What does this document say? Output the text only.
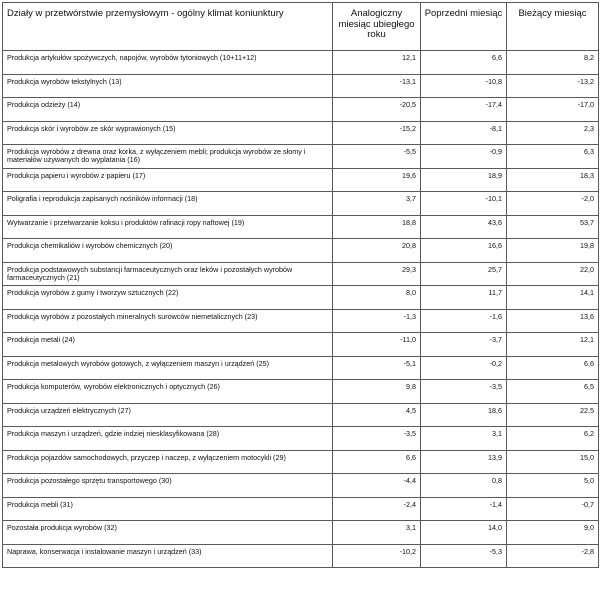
Działy w przetwórstwie przemysłowym - ogólny klimat koniunktury	Analogiczny miesiąc ubiegłego roku	Poprzedni miesiąc	Bieżący miesiąc
Produkcja artykułów spożywczych, napojów, wyrobów tytoniowych (10+11+12)	12,1	6,6	8,2
Produkcja wyrobów tekstylnych (13)	-13,1	-10,8	-13,2
Produkcja odzieży (14)	-20,5	-17,4	-17,0
Produkcja skór i wyrobów ze skór wyprawionych (15)	-15,2	-8,1	2,3
Produkcja wyrobów z drewna oraz korka, z wyłączeniem mebli; produkcja wyrobów ze słomy i materiałów używanych do wyplatania (16)	-5,5	-0,9	6,3
Produkcja papieru i wyrobów z papieru (17)	19,6	18,9	18,3
Poligrafia i reprodukcja zapisanych nośników informacji (18)	3,7	-10,1	-2,0
Wytwarzanie i przetwarzanie koksu i produktów rafinacji ropy naftowej (19)	18,8	43,6	53,7
Produkcja chemikaliów i wyrobów chemicznych (20)	20,8	16,6	19,8
Produkcja podstawowych substancji farmaceutycznych oraz leków i pozostałych wyrobów farmaceutycznych (21)	29,3	25,7	22,0
Produkcja wyrobów z gumy i tworzyw sztucznych (22)	8,0	11,7	14,1
Produkcja wyrobów z pozostałych mineralnych surowców niemetalicznych (23)	-1,3	-1,6	13,6
Produkcja metali (24)	-11,0	-3,7	12,1
Produkcja metalowych wyrobów gotowych, z wyłączeniem maszyn i urządzeń (25)	-5,1	-0,2	6,6
Produkcja komputerów, wyrobów elektronicznych i optycznych (26)	9,8	-3,5	6,5
Produkcja urządzeń elektrycznych (27)	4,5	18,6	22,5
Produkcja maszyn i urządzeń, gdzie indziej niesklasyfikowana (28)	-3,5	3,1	6,2
Produkcja pojazdów samochodowych, przyczep i naczep, z wyłączeniem motocykli (29)	6,6	13,9	15,0
Produkcja pozostałego sprzętu transportowego (30)	-4,4	0,8	5,0
Produkcja mebli (31)	-2,4	-1,4	-0,7
Pozostała produkcja wyrobów (32)	3,1	14,0	9,0
Naprawa, konserwacja i instalowanie maszyn i urządzeń (33)	-10,2	-5,3	-2,8
